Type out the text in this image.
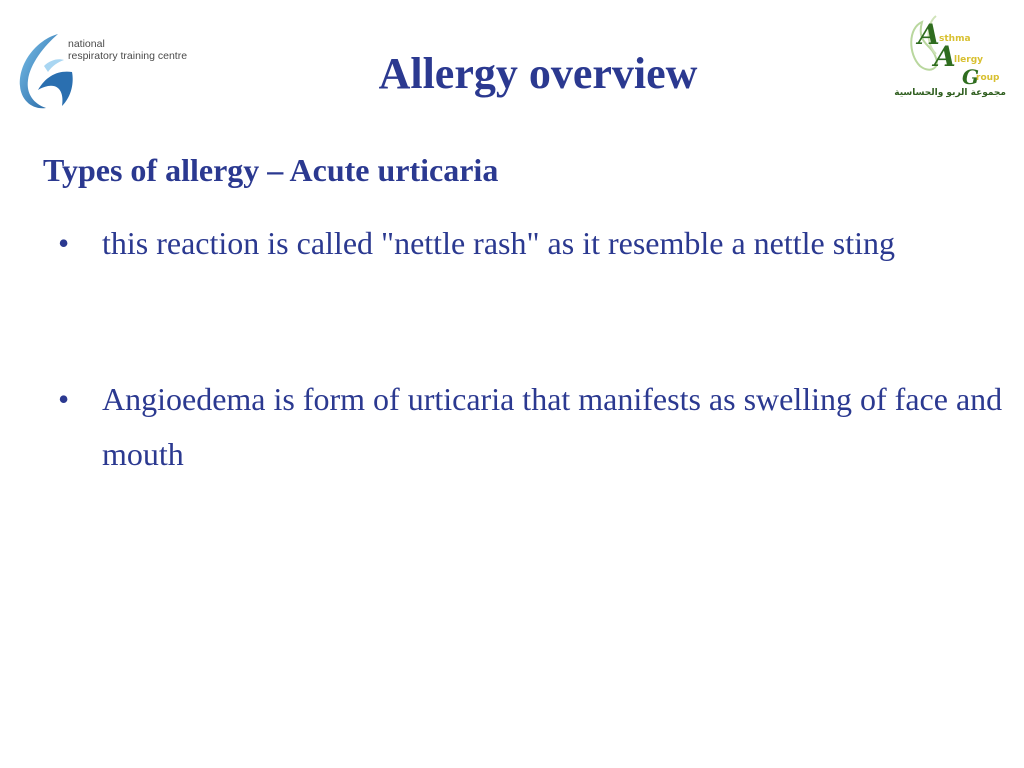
national
respiratory training centre
A sthma
A
llergy
G
roup
مجموعة الربو والحساسية
Allergy overview
Types of allergy – Acute urticaria
• this reaction is called "nettle rash" as it resemble a nettle sting
• Angioedema is form of urticaria that manifests as swelling of face and mouth
